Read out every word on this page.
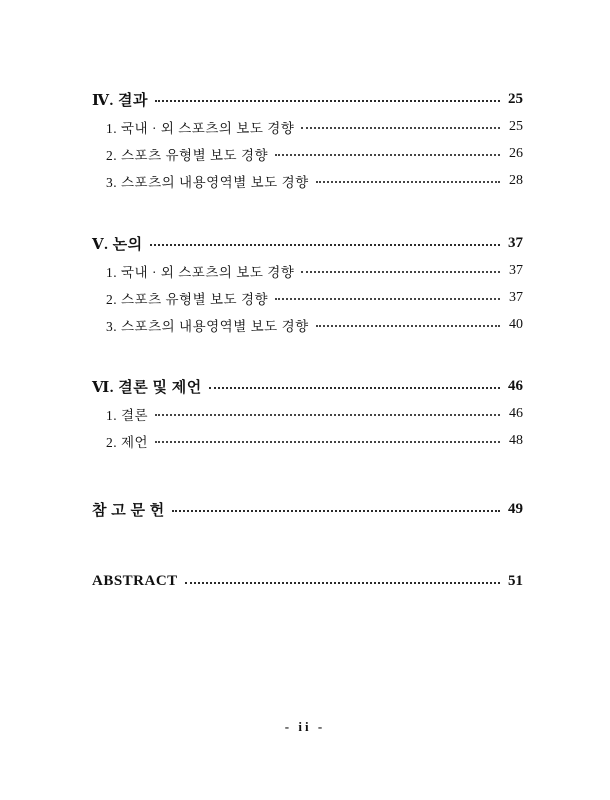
Ⅳ. 결과	25
1. 국내 · 외 스포츠의 보도 경향	25
2. 스포츠 유형별 보도 경향	26
3. 스포츠의 내용영역별 보도 경향	28
Ⅴ. 논의	37
1. 국내 · 외 스포츠의 보도 경향	37
2. 스포츠 유형별 보도 경향	37
3. 스포츠의 내용영역별 보도 경향	40
Ⅵ. 결론 및 제언	46
1. 결론	46
2. 제언	48
참 고 문 헌	49
ABSTRACT	51
- ii -
